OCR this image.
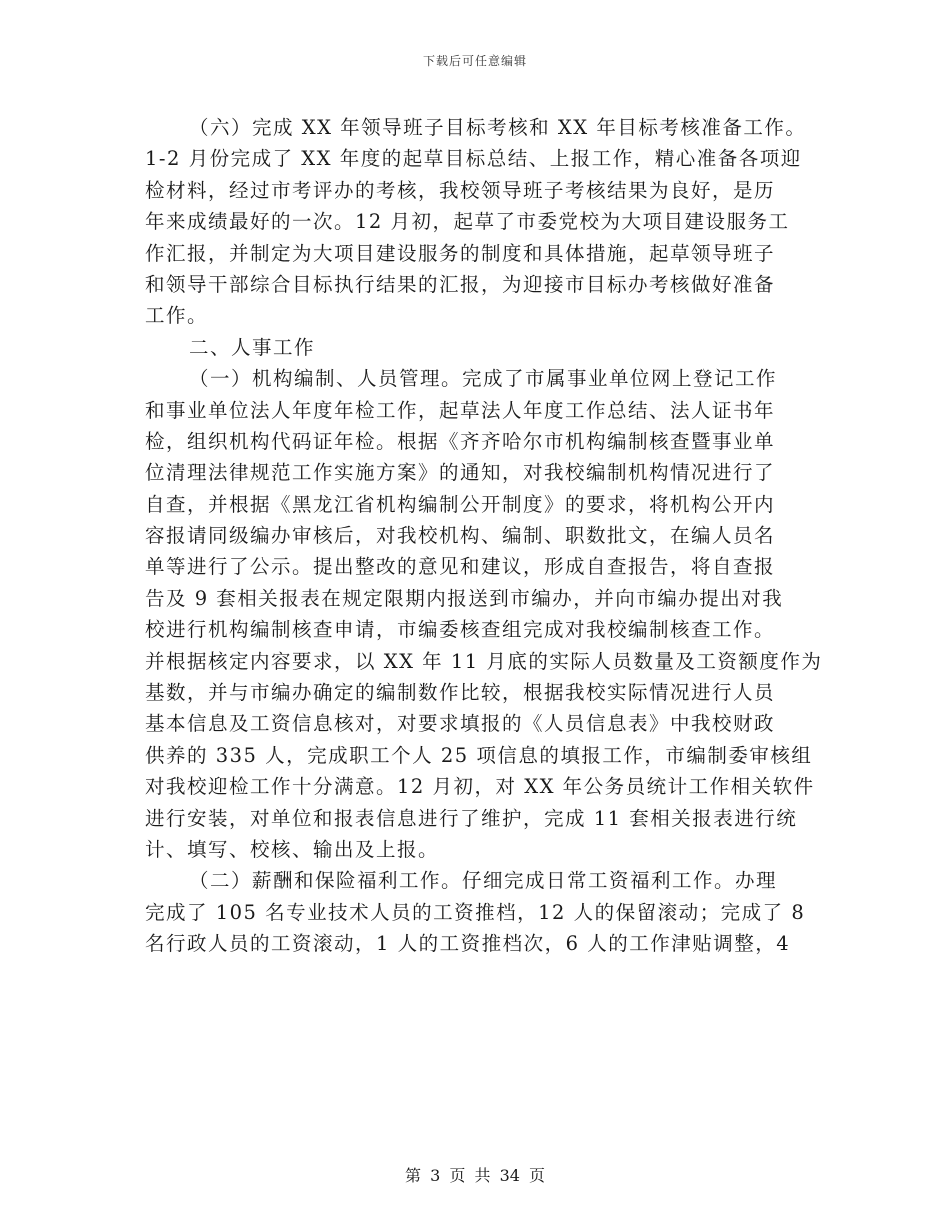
下载后可任意编辑
（六）完成 XX 年领导班子目标考核和 XX 年目标考核准备工作。
1-2 月份完成了 XX 年度的起草目标总结、上报工作，精心准备各项迎
检材料，经过市考评办的考核，我校领导班子考核结果为良好，是历
年来成绩最好的一次。12 月初，起草了市委党校为大项目建设服务工
作汇报，并制定为大项目建设服务的制度和具体措施，起草领导班子
和领导干部综合目标执行结果的汇报，为迎接市目标办考核做好准备
工作。
二、人事工作
（一）机构编制、人员管理。完成了市属事业单位网上登记工作
和事业单位法人年度年检工作，起草法人年度工作总结、法人证书年
检，组织机构代码证年检。根据《齐齐哈尔市机构编制核查暨事业单
位清理法律规范工作实施方案》的通知，对我校编制机构情况进行了
自查，并根据《黑龙江省机构编制公开制度》的要求，将机构公开内
容报请同级编办审核后，对我校机构、编制、职数批文，在编人员名
单等进行了公示。提出整改的意见和建议，形成自查报告，将自查报
告及 9 套相关报表在规定限期内报送到市编办，并向市编办提出对我
校进行机构编制核查申请，市编委核查组完成对我校编制核查工作。
并根据核定内容要求，以 XX 年 11 月底的实际人员数量及工资额度作为
基数，并与市编办确定的编制数作比较，根据我校实际情况进行人员
基本信息及工资信息核对，对要求填报的《人员信息表》中我校财政
供养的 335 人，完成职工个人 25 项信息的填报工作，市编制委审核组
对我校迎检工作十分满意。12 月初，对 XX 年公务员统计工作相关软件
进行安装，对单位和报表信息进行了维护，完成 11 套相关报表进行统
计、填写、校核、输出及上报。
（二）薪酬和保险福利工作。仔细完成日常工资福利工作。办理
完成了 105 名专业技术人员的工资推档，12 人的保留滚动；完成了 8
名行政人员的工资滚动，1 人的工资推档次，6 人的工作津贴调整，4
第 3 页 共 34 页
